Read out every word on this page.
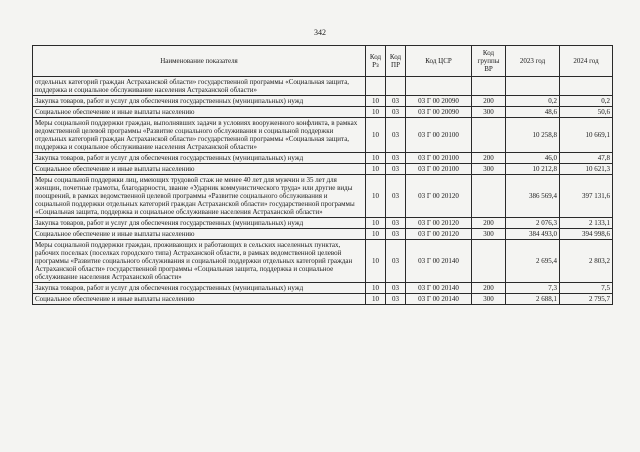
342
Наименование показателя	Код Рз	Код ПР	Код ЦСР	Код группы ВР	2023 год	2024 год
отдельных категорий граждан Астраханской области» государственной программы «Социальная защита, поддержка и социальное обслуживание населения Астраханской области»						
Закупка товаров, работ и услуг для обеспечения государственных (муниципальных) нужд	10	03	03 Г 00 20090	200	0,2	0,2
Социальное обеспечение и иные выплаты населению	10	03	03 Г 00 20090	300	48,6	50,6
Меры социальной поддержки граждан, выполнявших задачи в условиях вооруженного конфликта, в рамках ведомственной целевой программы «Развитие социального обслуживания и социальной поддержки отдельных категорий граждан Астраханской области» государственной программы «Социальная защита, поддержка и социальное обслуживание населения Астраханской области»	10	03	03 Г 00 20100		10 258,8	10 669,1
Закупка товаров, работ и услуг для обеспечения государственных (муниципальных) нужд	10	03	03 Г 00 20100	200	46,0	47,8
Социальное обеспечение и иные выплаты населению	10	03	03 Г 00 20100	300	10 212,8	10 621,3
Меры социальной поддержки лиц, имеющих трудовой стаж не менее 40 лет для мужчин и 35 лет для женщин, почетные грамоты, благодарности, звание «Ударник коммунистического труда» или другие виды поощрений, в рамках ведомственной целевой программы «Развитие социального обслуживания и социальной поддержки отдельных категорий граждан Астраханской области» государственной программы «Социальная защита, поддержка и социальное обслуживание населения Астраханской области»	10	03	03 Г 00 20120		386 569,4	397 131,6
Закупка товаров, работ и услуг для обеспечения государственных (муниципальных) нужд	10	03	03 Г 00 20120	200	2 076,3	2 133,1
Социальное обеспечение и иные выплаты населению	10	03	03 Г 00 20120	300	384 493,0	394 998,6
Меры социальной поддержки граждан, проживающих и работающих в сельских населенных пунктах, рабочих поселках (поселках городского типа) Астраханской области, в рамках ведомственной целевой программы «Развитие социального обслуживания и социальной поддержки отдельных категорий граждан Астраханской области» государственной программы «Социальная защита, поддержка и социальное обслуживание населения Астраханской области»	10	03	03 Г 00 20140		2 695,4	2 803,2
Закупка товаров, работ и услуг для обеспечения государственных (муниципальных) нужд	10	03	03 Г 00 20140	200	7,3	7,5
Социальное обеспечение и иные выплаты населению	10	03	03 Г 00 20140	300	2 688,1	2 795,7
